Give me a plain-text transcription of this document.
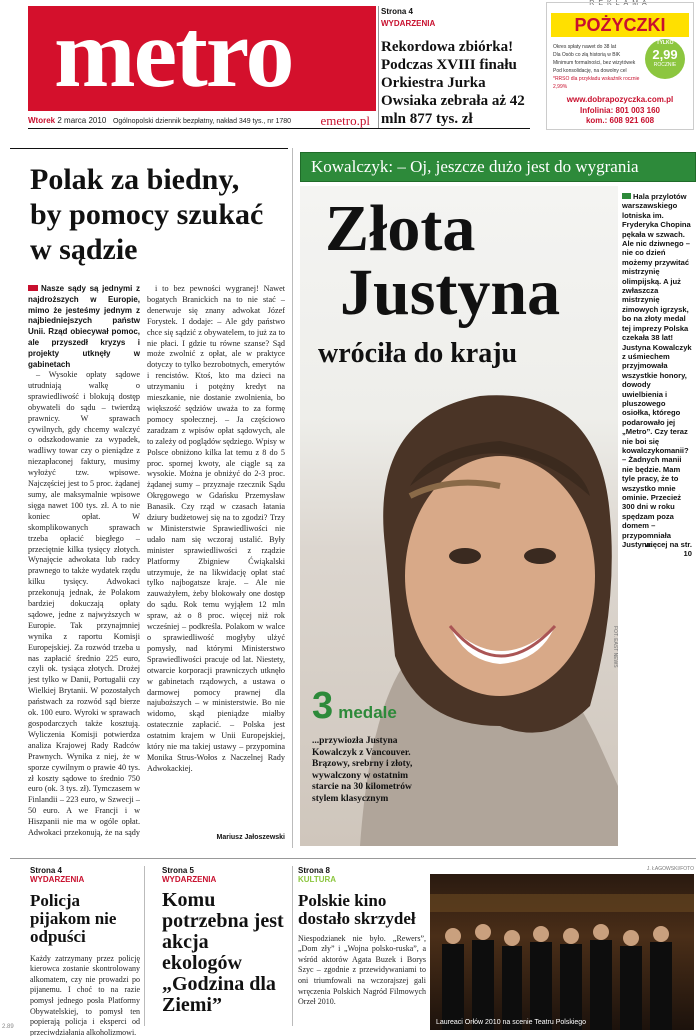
metro
Wtorek 2 marca 2010 Ogólnopolski dziennik bezpłatny, nakład 349 tys., nr 1780 emetro.pl
Strona 4
WYDARZENIA
Rekordowa zbiórka! Podczas XVIII finału Orkiestra Jurka Owsiaka zebrała aż 42 mln 877 tys. zł
REKLAMA
POŻYCZKI
Okres spłaty nawet do 38 lat
Dla Osób co złą historią w BIK
Minimum formalności, bez wizytówek
Pod konsolidację, na dowolny cel
*RRSO dla przykładu wskaźnik rocznie 2,99%
TYLKO
2,99
ROCZNIE
www.dobrapozyczka.com.pl
Infolinia: 801 003 160
kom.: 608 921 608
Polak za biedny, by pomocy szukać w sądzie
Nasze sądy są jednymi z najdroższych w Europie, mimo że jesteśmy jednym z najbiedniejszych państw Unii. Rząd obiecywał pomoc, ale przyszedł kryzys i projekty utknęły w gabinetach

– Wysokie opłaty sądowe utrudniają walkę o sprawiedliwość i blokują dostęp obywateli do sądu – twierdzą prawnicy. W sprawach cywilnych, gdy chcemy walczyć o odszkodowanie za wypadek, wadliwy towar czy o pieniądze z niezapłaconej faktury, musimy wyłożyć tzw. wpisowe. Najczęściej jest to 5 proc. żądanej sumy, ale maksymalnie wpisowe sięga nawet 100 tys. zł. A to nie koniec opłat. W skomplikowanych sprawach trzeba opłacić biegłego – przeciętnie kilka tysięcy złotych. Wynajęcie adwokata lub radcy prawnego to także wydatek rzędu kilku tysięcy. Adwokaci przekonują jednak, że Polakom bardziej dokuczają opłaty sądowe, jedne z najwyższych w Europie. Tak przynajmniej wynika z raportu Komisji Europejskiej. Za rozwód trzeba u nas zapłacić średnio 225 euro, czyli ok. tysiąca złotych. Drożej jest tylko w Danii, Portugalii czy Wielkiej Brytanii. W pozostałych państwach za rozwód sąd bierze ok. 100 euro. Wyroki w sprawach gospodarczych także kosztują. Wyliczenia Komisji potwierdza analiza Krajowej Rady Radców Prawnych. Wynika z niej, że w sporze cywilnym o prawie 40 tys. zł koszty sądowe to średnio 750 euro (ok. 3 tys. zł). Tymczasem w Finlandii – 223 euro, w Szwecji – 50 euro. A we Francji i w Hiszpanii nie ma w ogóle opłat. Adwokaci przekonują, że na sądy

i to bez pewności wygranej! Nawet bogatych Branickich na to nie stać – denerwuje się znany adwokat Józef Forystek. I dodaje: – Ale gdy państwo chce się sądzić z obywatelem, to już za to nie płaci. I gdzie tu równe szanse? Sąd może zwolnić z opłat, ale w praktyce dotyczy to tylko bezrobotnych, emerytów i rencistów. Ktoś, kto ma dzieci na utrzymaniu i potężny kredyt na mieszkanie, nie dostanie zwolnienia, bo większość sędziów uważa to za formę pomocy społecznej. – Ja częściowo zaradzam z wpisów opłat sądowych, ale to zależy od poglądów sędziego. Wpisy w Polsce obniżono kilka lat temu z 8 do 5 proc. spornej kwoty, ale ciągle są za wysokie. Można je obniżyć do 2-3 proc. żądanej sumy – przyznaje rzecznik Sądu Okręgowego w Gdańsku Przemysław Banasik. Czy rząd w czasach łatania dziury budżetowej się na to zgodzi? Trzy w Ministerstwie Sprawiedliwości nie udało nam się wczoraj ustalić. Były minister sprawiedliwości z rządzie Platformy Zbigniew Ćwiąkalski utrzymuje, że na likwidację opłat stać tylko najbogatsze kraje. – Ale nie zauważyłem, żeby blokowały one dostęp do sądu. Rok temu wyjąłem 12 mln spraw, aż o 8 proc. więcej niż rok wcześniej – podkreśla. Polakom w walce o sprawiedliwość mogłyby ulżyć pomysły, nad którymi Ministerstwo Sprawiedliwości pracuje od lat. Niestety, otwarcie korporacji prawniczych utknęło w gabinetach rządowych, a ustawa o darmowej pomocy prawnej dla najuboższych – w ministerstwie. Bo nie widomo, skąd pieniądze miałby ostatecznie zapłacić. – Polska jest ostatnim krajem w Unii Europejskiej, który nie ma takiej ustawy – przypomina Monika Strus-Wołos z Naczelnej Rady Adwokackiej.

Mariusz Jałoszewski
Kowalczyk: – Oj, jeszcze dużo jest do wygrania
Złota
Justyna
wróciła do kraju
3 medale
...przywiozła Justyna Kowalczyk z Vancouver. Brązowy, srebrny i złoty, wywalczony w ostatnim starcie na 30 kilometrów stylem klasycznym
FOT. EAST NEWS
Hala przylotów warszawskiego lotniska im. Fryderyka Chopina pękała w szwach. Ale nic dziwnego – nie co dzień możemy przywitać mistrzynię olimpijską. A już zwłaszcza mistrzynię zimowych igrzysk, bo na złoty medal tej imprezy Polska czekała 38 lat! Justyna Kowalczyk z uśmiechem przyjmowała wszystkie honory, dowody uwielbienia i pluszowego osiołka, którego podarowało jej „Metro”. Czy teraz nie boi się kowalczykomanii? – Żadnych manii nie będzie. Mam tyle pracy, że to wszystko mnie ominie. Przecież 300 dni w roku spędzam poza domem – przypomniała Justyna.
więcej na str. 10
Strona 4
WYDARZENIA
Policja pijakom nie odpuści
Każdy zatrzymany przez policję kierowca zostanie skontrolowany alkomatem, czy nie prowadzi po pijanemu. I choć to na razie pomysł jednego posła Platformy Obywatelskiej, to pomysł ten popierają policja i eksperci od przeciwdziałania alkoholizmowi.
Strona 5
WYDARZENIA
Komu potrzebna jest akcja ekologów „Godzina dla Ziemi”
Strona 8
KULTURA
Polskie kino dostało skrzydeł
Niespodzianek nie było. „Rewers”, „Dom zły” i „Wojna polsko-ruska”, a wśród aktorów Agata Buzek i Borys Szyc – zgodnie z przewidywaniami to oni triumfowali na wczorajszej gali wręczenia Polskich Nagród Filmowych Orzeł 2010.
Laureaci Orłów 2010 na scenie Teatru Polskiego
J. ŁAGOWSKI/FOTO
2.89
